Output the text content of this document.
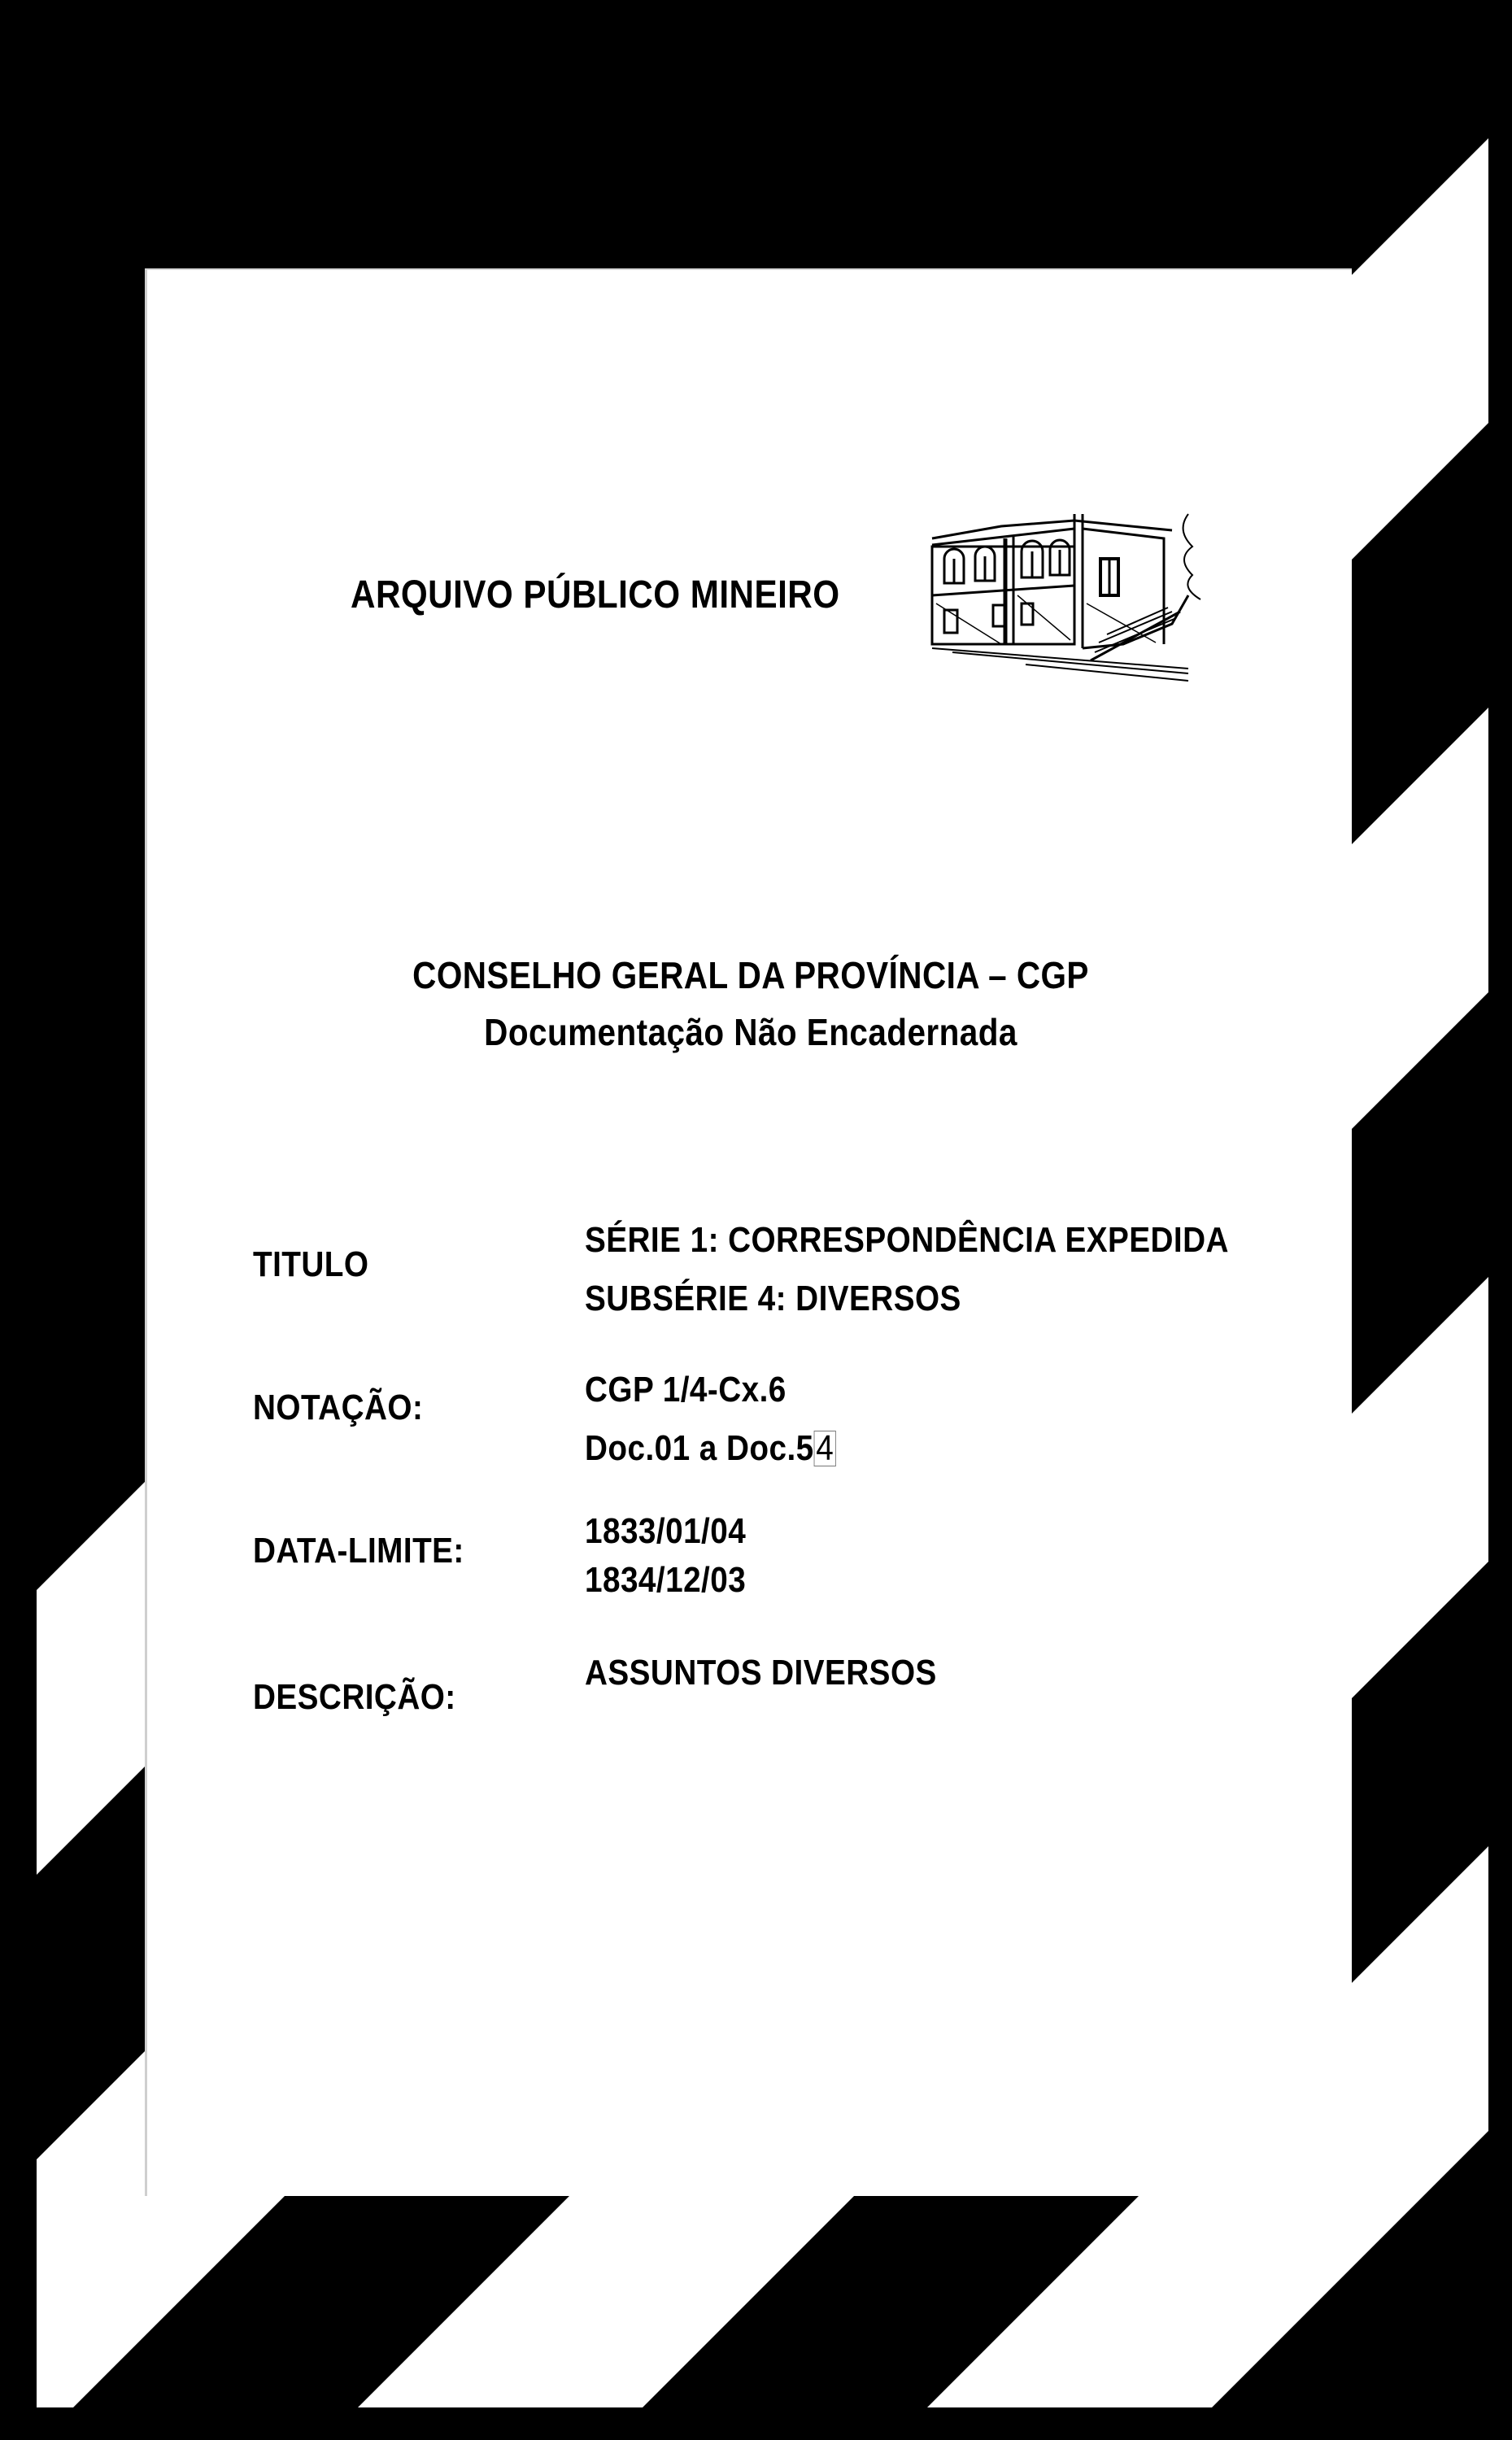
ARQUIVO PÚBLICO MINEIRO
CONSELHO GERAL DA PROVÍNCIA – CGP
Documentação Não Encadernada
TITULO
SÉRIE 1: CORRESPONDÊNCIA EXPEDIDA
SUBSÉRIE 4: DIVERSOS
NOTAÇÃO:	CGP 1/4-Cx.6
Doc.01 a Doc.54
DATA-LIMITE:	1833/01/04
1834/12/03
DESCRIÇÃO:
ASSUNTOS DIVERSOS
